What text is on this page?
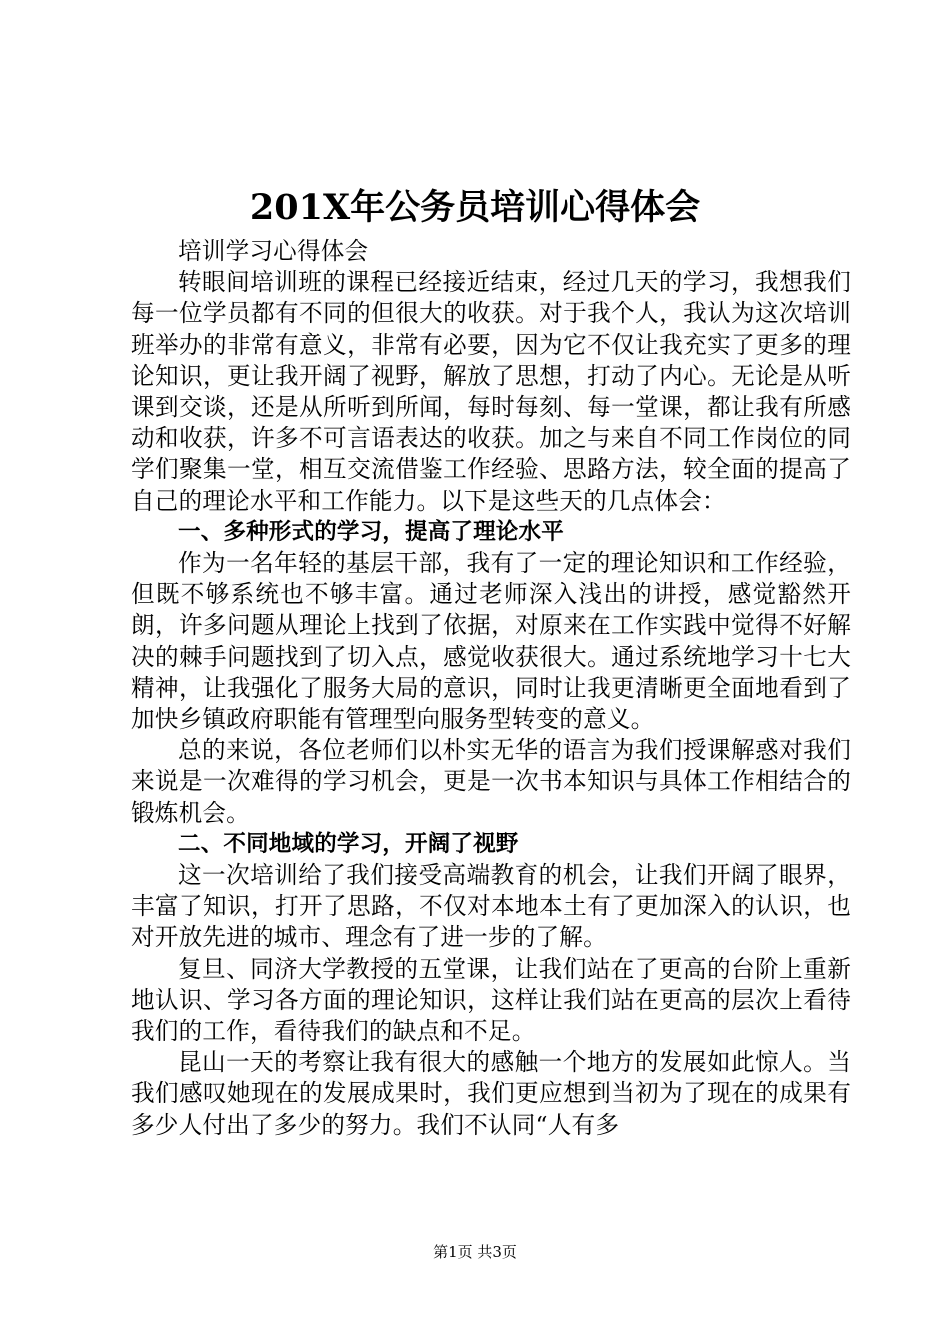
201X年公务员培训心得体会

培训学习心得体会

转眼间培训班的课程已经接近结束，经过几天的学习，我想我们每一位学员都有不同的但很大的收获。对于我个人，我认为这次培训班举办的非常有意义，非常有必要，因为它不仅让我充实了更多的理论知识，更让我开阔了视野，解放了思想，打动了内心。无论是从听课到交谈，还是从所听到所闻，每时每刻、每一堂课，都让我有所感动和收获，许多不可言语表达的收获。加之与来自不同工作岗位的同学们聚集一堂，相互交流借鉴工作经验、思路方法，较全面的提高了自己的理论水平和工作能力。以下是这些天的几点体会：

一、多种形式的学习，提高了理论水平

作为一名年轻的基层干部，我有了一定的理论知识和工作经验，但既不够系统也不够丰富。通过老师深入浅出的讲授，感觉豁然开朗，许多问题从理论上找到了依据，对原来在工作实践中觉得不好解决的棘手问题找到了切入点，感觉收获很大。通过系统地学习十七大精神，让我强化了服务大局的意识，同时让我更清晰更全面地看到了加快乡镇政府职能有管理型向服务型转变的意义。

总的来说，各位老师们以朴实无华的语言为我们授课解惑对我们来说是一次难得的学习机会，更是一次书本知识与具体工作相结合的锻炼机会。

二、不同地域的学习，开阔了视野

这一次培训给了我们接受高端教育的机会，让我们开阔了眼界，丰富了知识，打开了思路，不仅对本地本土有了更加深入的认识，也对开放先进的城市、理念有了进一步的了解。

复旦、同济大学教授的五堂课，让我们站在了更高的台阶上重新地认识、学习各方面的理论知识，这样让我们站在更高的层次上看待我们的工作，看待我们的缺点和不足。

昆山一天的考察让我有很大的感触一个地方的发展如此惊人。当我们感叹她现在的发展成果时，我们更应想到当初为了现在的成果有多少人付出了多少的努力。我们不认同“人有多

第1页 共3页
